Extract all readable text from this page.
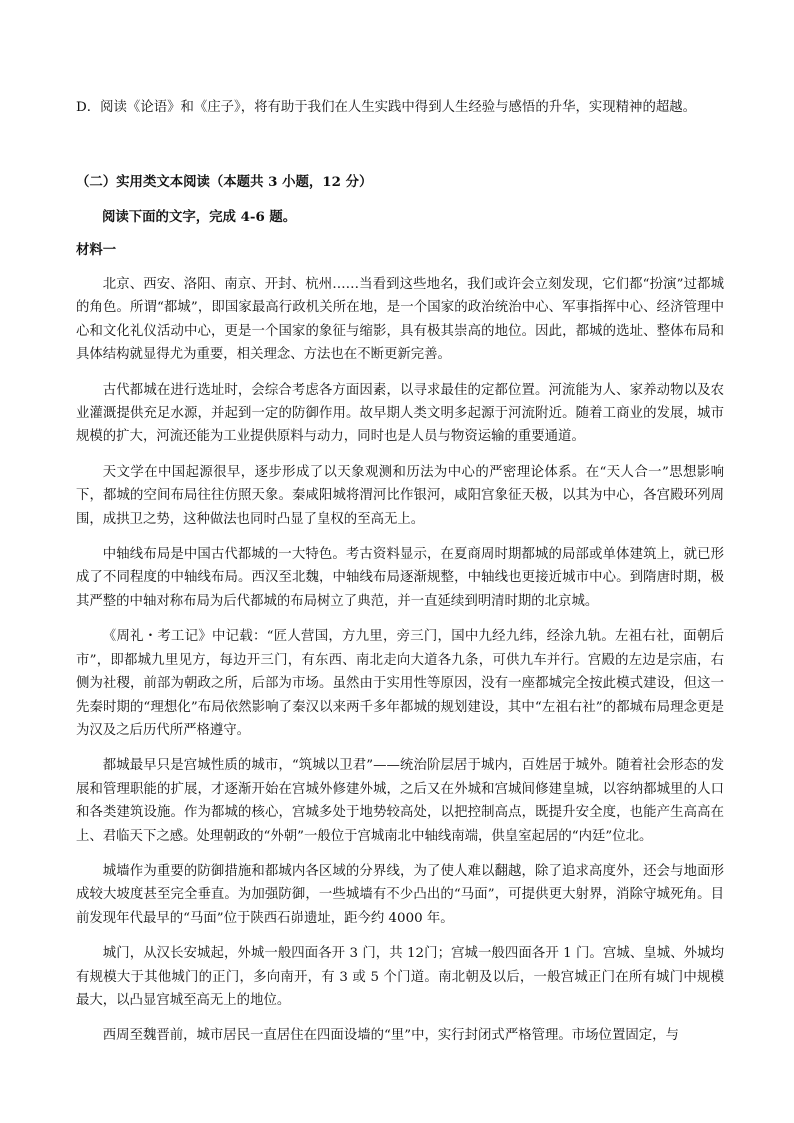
D．阅读《论语》和《庄子》，将有助于我们在人生实践中得到人生经验与感悟的升华，实现精神的超越。
（二）实用类文本阅读（本题共 3 小题，12 分）
阅读下面的文字，完成 4-6 题。
材料一

北京、西安、洛阳、南京、开封、杭州……当看到这些地名，我们或许会立刻发现，它们都“扮演”过都城的角色。所谓“都城”，即国家最高行政机关所在地，是一个国家的政治统治中心、军事指挥中心、经济管理中心和文化礼仪活动中心，更是一个国家的象征与缩影，具有极其崇高的地位。因此，都城的选址、整体布局和具体结构就显得尤为重要，相关理念、方法也在不断更新完善。

古代都城在进行选址时，会综合考虑各方面因素，以寻求最佳的定都位置。河流能为人、家养动物以及农业灌溉提供充足水源，并起到一定的防御作用。故早期人类文明多起源于河流附近。随着工商业的发展，城市规模的扩大，河流还能为工业提供原料与动力，同时也是人员与物资运输的重要通道。

天文学在中国起源很早，逐步形成了以天象观测和历法为中心的严密理论体系。在“天人合一”思想影响下，都城的空间布局往往仿照天象。秦咸阳城将渭河比作银河，咸阳宫象征天极，以其为中心，各宫殿环列周围，成拱卫之势，这种做法也同时凸显了皇权的至高无上。

中轴线布局是中国古代都城的一大特色。考古资料显示，在夏商周时期都城的局部或单体建筑上，就已形成了不同程度的中轴线布局。西汉至北魏，中轴线布局逐渐规整，中轴线也更接近城市中心。到隋唐时期，极其严整的中轴对称布局为后代都城的布局树立了典范，并一直延续到明清时期的北京城。

《周礼・考工记》中记载：“匠人营国，方九里，旁三门，国中九经九纬，经涂九轨。左祖右社，面朝后市”，即都城九里见方，每边开三门，有东西、南北走向大道各九条，可供九车并行。宫殿的左边是宗庙，右侧为社稷，前部为朝政之所，后部为市场。虽然由于实用性等原因，没有一座都城完全按此模式建设，但这一先秦时期的“理想化”布局依然影响了秦汉以来两千多年都城的规划建设，其中“左祖右社”的都城布局理念更是为汉及之后历代所严格遵守。

都城最早只是宫城性质的城市，“筑城以卫君”——统治阶层居于城内，百姓居于城外。随着社会形态的发展和管理职能的扩展，才逐渐开始在宫城外修建外城，之后又在外城和宫城间修建皇城，以容纳都城里的人口和各类建筑设施。作为都城的核心，宫城多处于地势较高处，以把控制高点，既提升安全度，也能产生高高在上、君临天下之感。处理朝政的“外朝”一般位于宫城南北中轴线南端，供皇室起居的“内廷”位北。

城墙作为重要的防御措施和都城内各区域的分界线，为了使人难以翻越，除了追求高度外，还会与地面形成较大坡度甚至完全垂直。为加强防御，一些城墙有不少凸出的“马面”，可提供更大射界，消除守城死角。目前发现年代最早的“马面”位于陕西石峁遗址，距今约 4000 年。

城门，从汉长安城起，外城一般四面各开 3 门，共 12门；宫城一般四面各开 1 门。宫城、皇城、外城均有规模大于其他城门的正门，多向南开，有 3 或 5 个门道。南北朝及以后，一般宫城正门在所有城门中规模最大，以凸显宫城至高无上的地位。

西周至魏晋前，城市居民一直居住在四面设墙的“里”中，实行封闭式严格管理。市场位置固定，与
